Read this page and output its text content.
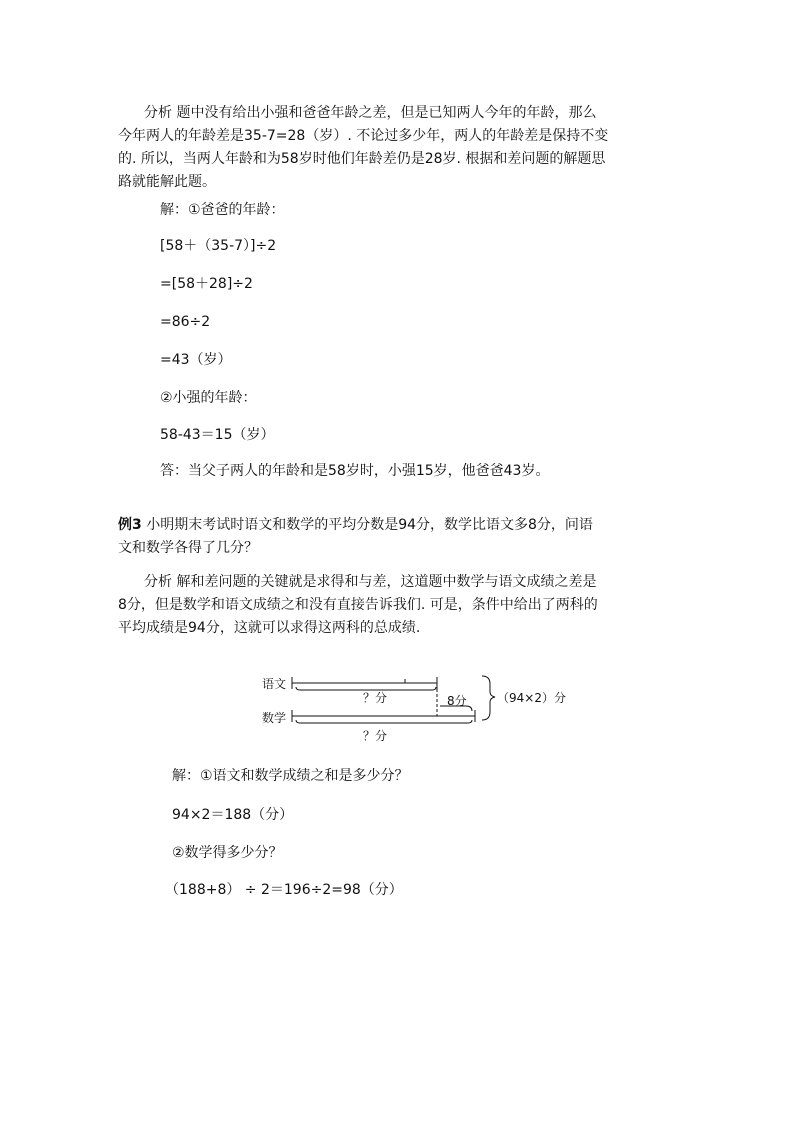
分析 题中没有给出小强和爸爸年龄之差，但是已知两人今年的年龄，那么
今年两人的年龄差是35-7=28（岁）. 不论过多少年，两人的年龄差是保持不变
的. 所以，当两人年龄和为58岁时他们年龄差仍是28岁. 根据和差问题的解题思
路就能解此题。
解：①爸爸的年龄：
[58＋（35-7）]÷2
=[58＋28]÷2
=86÷2
=43（岁）
②小强的年龄：
58-43＝15（岁）
答：当父子两人的年龄和是58岁时，小强15岁，他爸爸43岁。
例3 小明期末考试时语文和数学的平均分数是94分，数学比语文多8分，问语
文和数学各得了几分？
分析 解和差问题的关键就是求得和与差，这道题中数学与语文成绩之差是
8分，但是数学和语文成绩之和没有直接告诉我们. 可是，条件中给出了两科的
平均成绩是94分，这就可以求得这两科的总成绩.
语文
数学
？分	8分	（94×2）分
？分
解：①语文和数学成绩之和是多少分？
94×2＝188（分）
②数学得多少分？
（188+8） ÷ 2＝196÷2=98（分）
